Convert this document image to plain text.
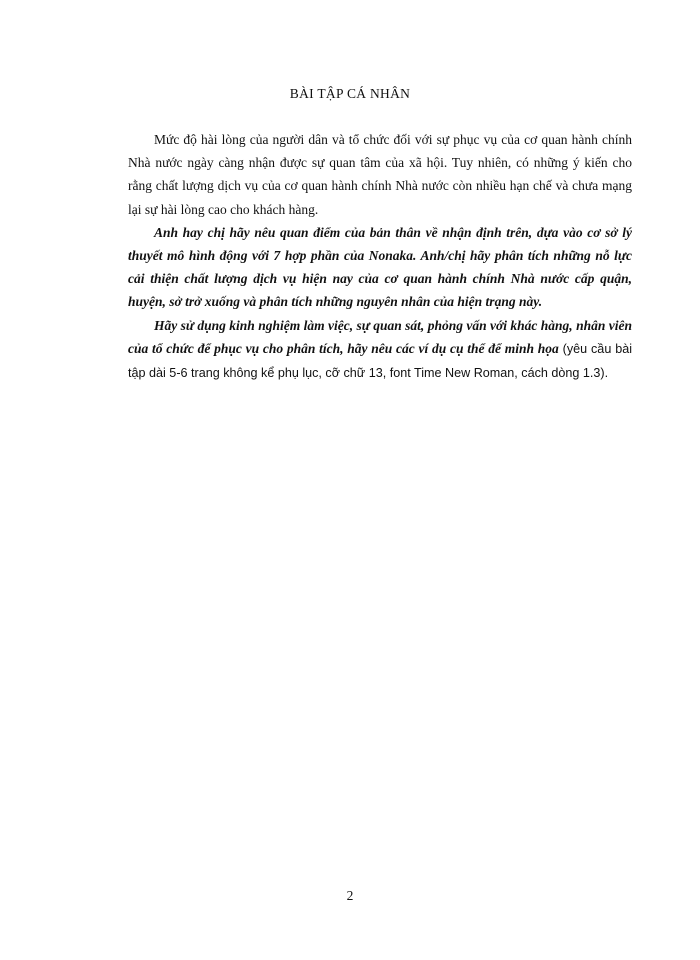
BÀI TẬP CÁ NHÂN

Mức độ hài lòng của người dân và tổ chức đối với sự phục vụ của cơ quan hành chính Nhà nước ngày càng nhận được sự quan tâm của xã hội. Tuy nhiên, có những ý kiến cho rằng chất lượng dịch vụ của cơ quan hành chính Nhà nước còn nhiều hạn chế và chưa mạng lại sự hài lòng cao cho khách hàng.

Anh hay chị hãy nêu quan điểm của bản thân về nhận định trên, dựa vào cơ sở lý thuyết mô hình động với 7 hợp phần của Nonaka. Anh/chị hãy phân tích những nỗ lực cải thiện chất lượng dịch vụ hiện nay của cơ quan hành chính Nhà nước cấp quận, huyện, sở trở xuống và phân tích những nguyên nhân của hiện trạng này.

Hãy sử dụng kinh nghiệm làm việc, sự quan sát, phỏng vấn với khác hàng, nhân viên của tổ chức để phục vụ cho phân tích, hãy nêu các ví dụ cụ thể để minh họa (yêu cầu bài tập dài 5-6 trang không kể phụ lục, cỡ chữ 13, font Time New Roman, cách dòng 1.3).

2
